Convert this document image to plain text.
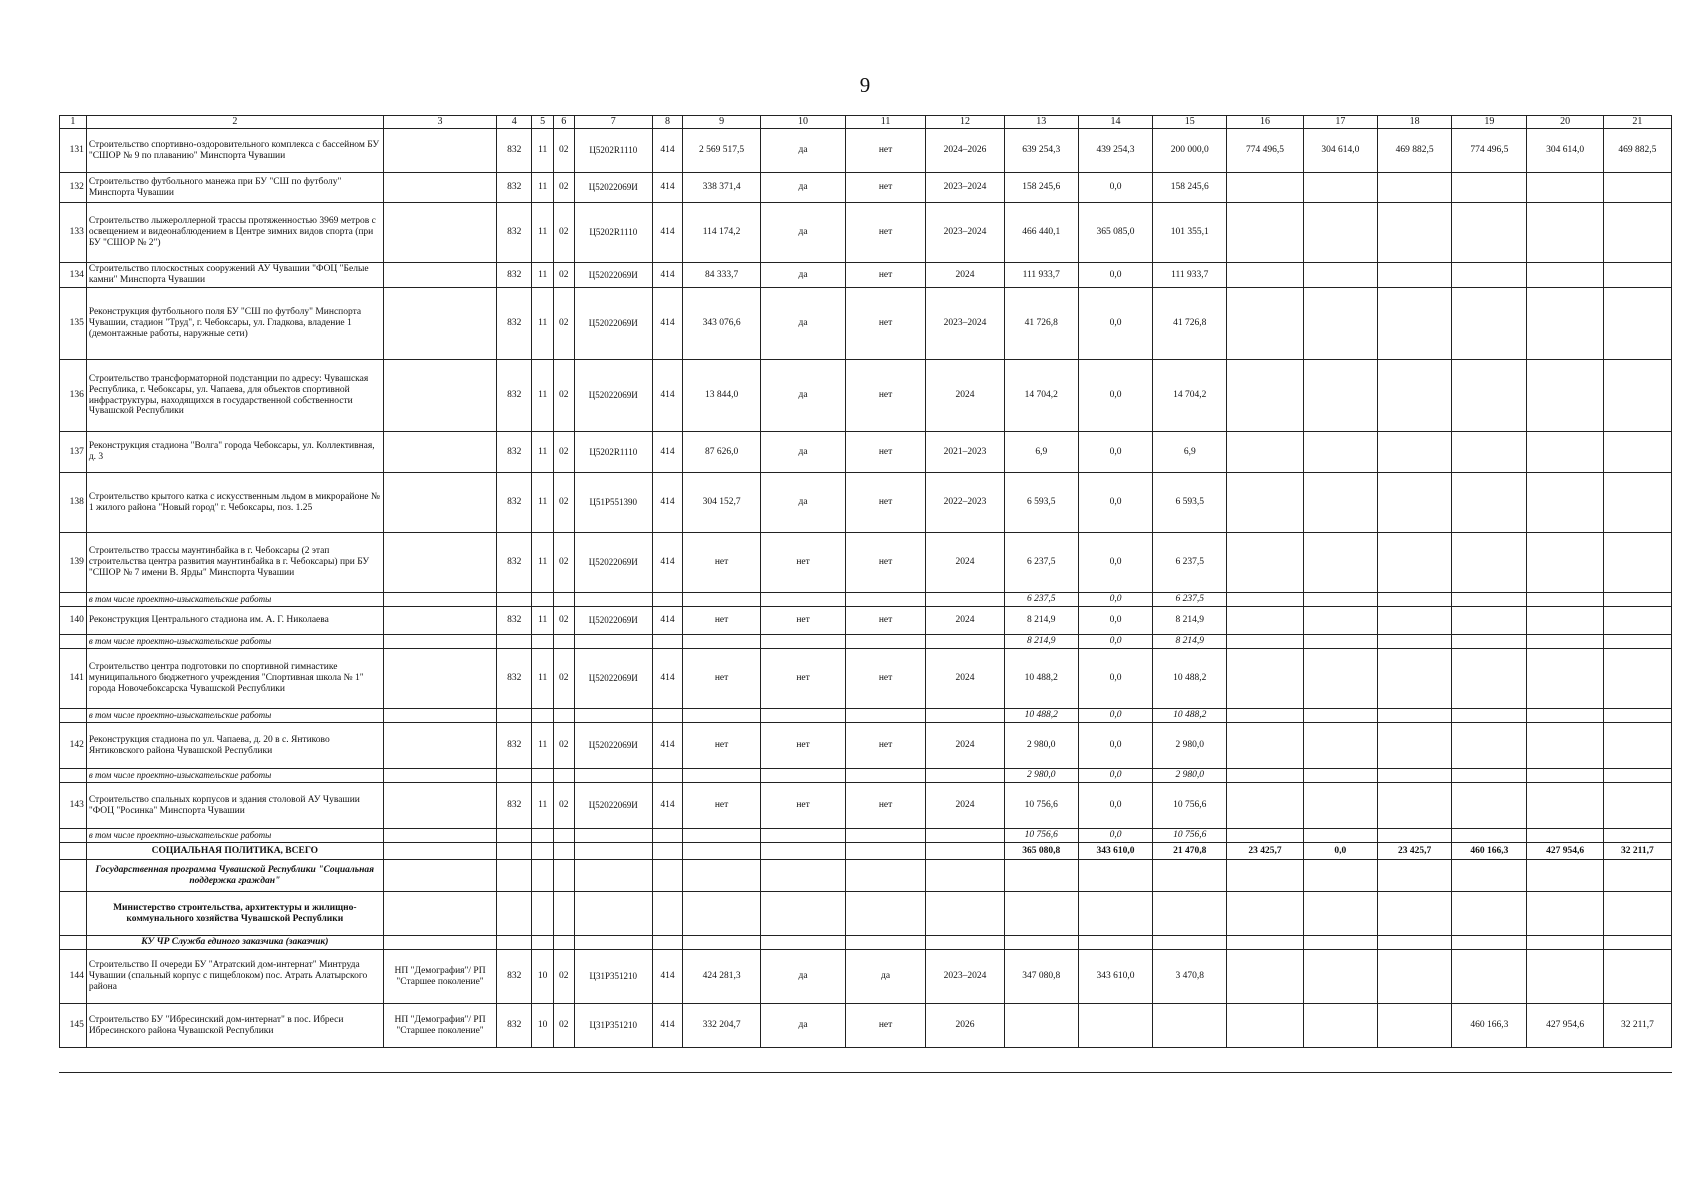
9
1	2	3	4	5	6	7	8	9	10	11	12	13	14	15	16	17	18	19	20	21
131	Строительство спортивно-оздоровительного комплекса с бассейном БУ "СШОР № 9 по плаванию" Минспорта Чувашии		832	11	02	Ц5202R1110	414	2 569 517,5	да	нет	2024–2026	639 254,3	439 254,3	200 000,0	774 496,5	304 614,0	469 882,5	774 496,5	304 614,0	469 882,5
132	Строительство футбольного манежа при БУ "СШ по футболу" Минспорта Чувашии		832	11	02	Ц52022069И	414	338 371,4	да	нет	2023–2024	158 245,6	0,0	158 245,6						
133	Строительство лыжероллерной трассы протяженностью 3969 метров с освещением и видеонаблюдением в Центре зимних видов спорта (при БУ "СШОР № 2")		832	11	02	Ц5202R1110	414	114 174,2	да	нет	2023–2024	466 440,1	365 085,0	101 355,1						
134	Строительство плоскостных сооружений АУ Чувашии "ФОЦ "Белые камни" Минспорта Чувашии		832	11	02	Ц52022069И	414	84 333,7	да	нет	2024	111 933,7	0,0	111 933,7						
135	Реконструкция футбольного поля БУ "СШ по футболу" Минспорта Чувашии, стадион "Труд", г. Чебоксары, ул. Гладкова, владение 1 (демонтажные работы, наружные сети)		832	11	02	Ц52022069И	414	343 076,6	да	нет	2023–2024	41 726,8	0,0	41 726,8						
136	Строительство трансформаторной подстанции по адресу: Чувашская Республика, г. Чебоксары, ул. Чапаева, для объектов спортивной инфраструктуры, находящихся в государственной собственности Чувашской Республики		832	11	02	Ц52022069И	414	13 844,0	да	нет	2024	14 704,2	0,0	14 704,2						
137	Реконструкция стадиона "Волга" города Чебоксары, ул. Коллективная, д. 3		832	11	02	Ц5202R1110	414	87 626,0	да	нет	2021–2023	6,9	0,0	6,9						
138	Строительство крытого катка с искусственным льдом в микрорайоне № 1 жилого района "Новый город" г. Чебоксары, поз. 1.25		832	11	02	Ц51P551390	414	304 152,7	да	нет	2022–2023	6 593,5	0,0	6 593,5						
139	Строительство трассы маунтинбайка в г. Чебоксары (2 этап строительства центра развития маунтинбайка в г. Чебоксары) при БУ "СШОР № 7 имени В. Ярды" Минспорта Чувашии		832	11	02	Ц52022069И	414	нет	нет	нет	2024	6 237,5	0,0	6 237,5						
	в том числе проектно-изыскательские работы											6 237,5	0,0	6 237,5						
140	Реконструкция Центрального стадиона им. А. Г. Николаева		832	11	02	Ц52022069И	414	нет	нет	нет	2024	8 214,9	0,0	8 214,9						
	в том числе проектно-изыскательские работы											8 214,9	0,0	8 214,9						
141	Строительство центра подготовки по спортивной гимнастике муниципального бюджетного учреждения "Спортивная школа № 1" города Новочебоксарска Чувашской Республики		832	11	02	Ц52022069И	414	нет	нет	нет	2024	10 488,2	0,0	10 488,2						
	в том числе проектно-изыскательские работы											10 488,2	0,0	10 488,2						
142	Реконструкция стадиона по ул. Чапаева, д. 20 в с. Янтиково Янтиковского района Чувашской Республики		832	11	02	Ц52022069И	414	нет	нет	нет	2024	2 980,0	0,0	2 980,0						
	в том числе проектно-изыскательские работы											2 980,0	0,0	2 980,0						
143	Строительство спальных корпусов и здания столовой АУ Чувашии "ФОЦ "Росинка" Минспорта Чувашии		832	11	02	Ц52022069И	414	нет	нет	нет	2024	10 756,6	0,0	10 756,6						
	в том числе проектно-изыскательские работы											10 756,6	0,0	10 756,6						
	СОЦИАЛЬНАЯ ПОЛИТИКА, ВСЕГО											365 080,8	343 610,0	21 470,8	23 425,7	0,0	23 425,7	460 166,3	427 954,6	32 211,7
	Государственная программа Чувашской Республики "Социальная поддержка граждан"																			
	Министерство строительства, архитектуры и жилищно-коммунального хозяйства Чувашской Республики																			
	КУ ЧР Служба единого заказчика (заказчик)																			
144	Строительство II очереди БУ "Атратский дом-интернат" Минтруда Чувашии (спальный корпус с пищеблоком) пос. Атрать Алатырского района	НП "Демография"/ РП "Старшее поколение"	832	10	02	Ц31P351210	414	424 281,3	да	да	2023–2024	347 080,8	343 610,0	3 470,8						
145	Строительство БУ "Ибресинский дом-интернат" в пос. Ибреси Ибресинского района Чувашской Республики	НП "Демография"/ РП "Старшее поколение"	832	10	02	Ц31P351210	414	332 204,7	да	нет	2026							460 166,3	427 954,6	32 211,7
